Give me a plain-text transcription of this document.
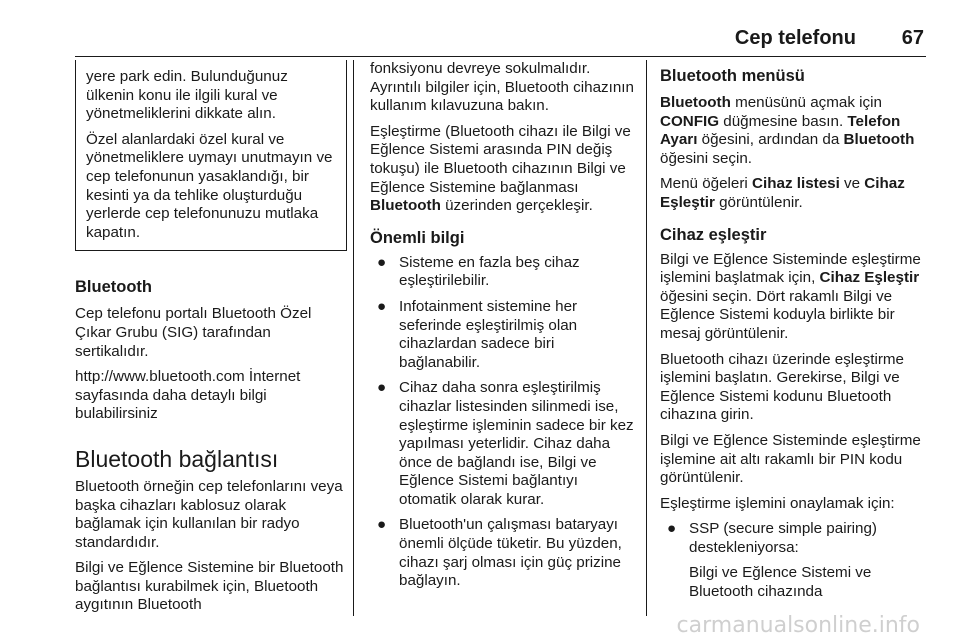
Cep telefonu 67

yere park edin. Bulunduğunuz ülkenin konu ile ilgili kural ve yönetmeliklerini dikkate alın.

Özel alanlardaki özel kural ve yönetmeliklere uymayı unutmayın ve cep telefonunun yasaklandığı, bir kesinti ya da tehlike oluşturduğu yerlerde cep telefonunuzu mutlaka kapatın.

Bluetooth

Cep telefonu portalı Bluetooth Özel Çıkar Grubu (SIG) tarafından sertikalıdır.

http://www.bluetooth.com İnternet sayfasında daha detaylı bilgi bulabilirsiniz

Bluetooth bağlantısı

Bluetooth örneğin cep telefonlarını veya başka cihazları kablosuz olarak bağlamak için kullanılan bir radyo standardıdır.

Bilgi ve Eğlence Sistemine bir Bluetooth bağlantısı kurabilmek için, Bluetooth aygıtının Bluetooth

fonksiyonu devreye sokulmalıdır. Ayrıntılı bilgiler için, Bluetooth cihazının kullanım kılavuzuna bakın.

Eşleştirme (Bluetooth cihazı ile Bilgi ve Eğlence Sistemi arasında PIN değiş tokuşu) ile Bluetooth cihazının Bilgi ve Eğlence Sistemine bağlanması Bluetooth üzerinden gerçekleşir.

Önemli bilgi
● Sisteme en fazla beş cihaz eşleştirilebilir.
● Infotainment sistemine her seferinde eşleştirilmiş olan cihazlardan sadece biri bağlanabilir.
● Cihaz daha sonra eşleştirilmiş cihazlar listesinden silinmedi ise, eşleştirme işleminin sadece bir kez yapılması yeterlidir. Cihaz daha önce de bağlandı ise, Bilgi ve Eğlence Sistemi bağlantıyı otomatik olarak kurar.
● Bluetooth'un çalışması bataryayı önemli ölçüde tüketir. Bu yüzden, cihazı şarj olması için güç prizine bağlayın.
Bluetooth menüsü

Bluetooth menüsünü açmak için CONFIG düğmesine basın. Telefon Ayarı öğesini, ardından da Bluetooth öğesini seçin.

Menü öğeleri Cihaz listesi ve Cihaz Eşleştir görüntülenir.

Cihaz eşleştir

Bilgi ve Eğlence Sisteminde eşleştirme işlemini başlatmak için, Cihaz Eşleştir öğesini seçin. Dört rakamlı Bilgi ve Eğlence Sistemi koduyla birlikte bir mesaj görüntülenir.

Bluetooth cihazı üzerinde eşleştirme işlemini başlatın. Gerekirse, Bilgi ve Eğlence Sistemi kodunu Bluetooth cihazına girin.

Bilgi ve Eğlence Sisteminde eşleştirme işlemine ait altı rakamlı bir PIN kodu görüntülenir.

Eşleştirme işlemini onaylamak için:

● SSP (secure simple pairing) destekleniyorsa:

Bilgi ve Eğlence Sistemi ve Bluetooth cihazında

carmanualsonline.info
